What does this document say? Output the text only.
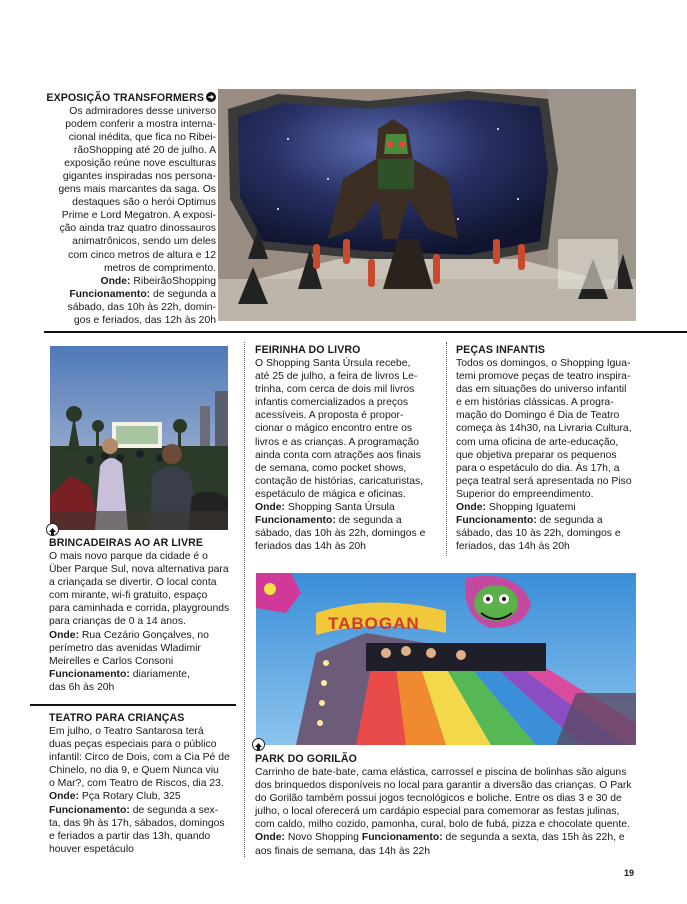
EXPOSIÇÃO TRANSFORMERS
Os admiradores desse universo
podem conferir a mostra interna-
cional inédita, que fica no Ribei-
rãoShopping até 20 de julho. A
exposição reúne nove esculturas
gigantes inspiradas nos persona-
gens mais marcantes da saga. Os
destaques são o herói Optimus
Prime e Lord Megatron. A exposi-
ção ainda traz quatro dinossauros
animatrônicos, sendo um deles
com cinco metros de altura e 12
metros de comprimento.
Onde: RibeirãoShopping
Funcionamento: de segunda a
sábado, das 10h às 22h, domin-
gos e feriados, das 12h às 20h
BRINCADEIRAS AO AR LIVRE
O mais novo parque da cidade é o
Über Parque Sul, nova alternativa para
a criançada se divertir. O local conta
com mirante, wi-fi gratuito, espaço
para caminhada e corrida, playgrounds
para crianças de 0 a 14 anos.
Onde: Rua Cezário Gonçalves, no
perímetro das avenidas Wladimir
Meirelles e Carlos Consoni
Funcionamento: diariamente,
das 6h às 20h
TEATRO PARA CRIANÇAS
Em julho, o Teatro Santarosa terá
duas peças especiais para o público
infantil: Circo de Dois, com a Cia Pé de
Chinelo, no dia 9, e Quem Nunca viu
o Mar?, com Teatro de Riscos, dia 23.
Onde: Pça Rotary Club, 325
Funcionamento: de segunda a sex-
ta, das 9h às 17h, sábados, domingos
e feriados a partir das 13h, quando
houver espetáculo
FEIRINHA DO LIVRO
O Shopping Santa Úrsula recebe,
até 25 de julho, a feira de livros Le-
trinha, com cerca de dois mil livros
infantis comercializados a preços
acessíveis. A proposta é propor-
cionar o mágico encontro entre os
livros e as crianças. A programação
ainda conta com atrações aos finais
de semana, como pocket shows,
contação de histórias, caricaturistas,
espetáculo de mágica e oficinas.
Onde: Shopping Santa Úrsula
Funcionamento: de segunda a
sábado, das 10h às 22h, domingos e
feriados das 14h às 20h
PEÇAS INFANTIS
Todos os domingos, o Shopping Igua-
temi promove peças de teatro inspira-
das em situações do universo infantil
e em histórias clássicas. A progra-
mação do Domingo é Dia de Teatro
começa às 14h30, na Livraria Cultura,
com uma oficina de arte-educação,
que objetiva preparar os pequenos
para o espetáculo do dia. Às 17h, a
peça teatral será apresentada no Piso
Superior do empreendimento.
Onde: Shopping Iguatemi
Funcionamento: de segunda a
sábado, das 10 às 22h, domingos e
feriados, das 14h às 20h
TABOGAN
PARK DO GORILÃO
Carrinho de bate-bate, cama elástica, carrossel e piscina de bolinhas são alguns
dos brinquedos disponíveis no local para garantir a diversão das crianças. O Park
do Gorilão também possui jogos tecnológicos e boliche. Entre os dias 3 e 30 de
julho, o local oferecerá um cardápio especial para comemorar as festas julinas,
com caldo, milho cozido, pamonha, cural, bolo de fubá, pizza e chocolate quente.
Onde: Novo Shopping Funcionamento: de segunda a sexta, das 15h às 22h, e
aos finais de semana, das 14h às 22h
19
